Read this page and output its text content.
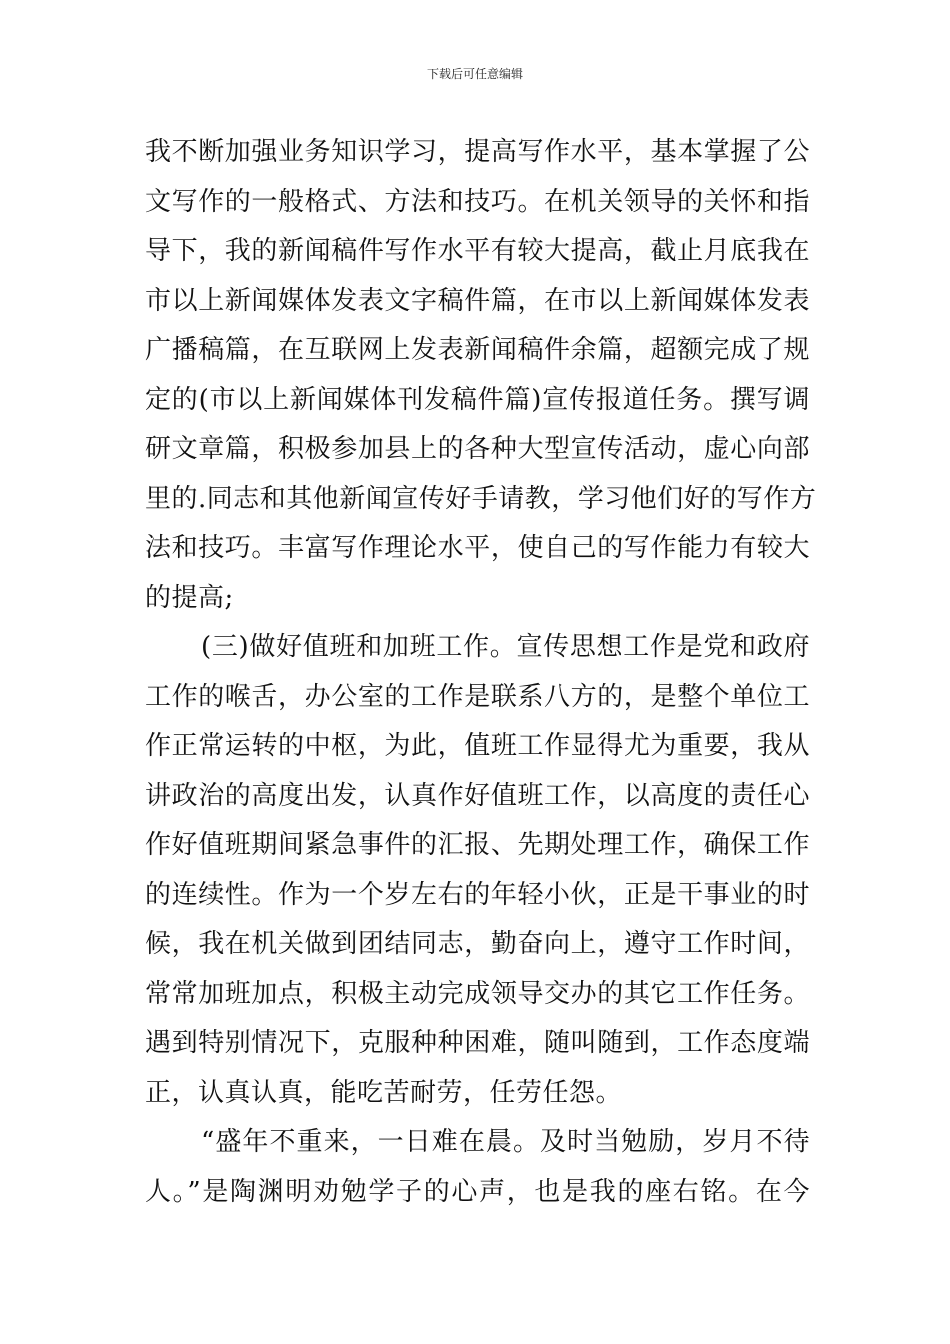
下载后可任意编辑
我不断加强业务知识学习，提高写作水平，基本掌握了公
文写作的一般格式、方法和技巧。在机关领导的关怀和指
导下，我的新闻稿件写作水平有较大提高，截止月底我在
市以上新闻媒体发表文字稿件篇，在市以上新闻媒体发表
广播稿篇，在互联网上发表新闻稿件余篇，超额完成了规
定的(市以上新闻媒体刊发稿件篇)宣传报道任务。撰写调
研文章篇，积极参加县上的各种大型宣传活动，虚心向部
里的.同志和其他新闻宣传好手请教，学习他们好的写作方
法和技巧。丰富写作理论水平，使自己的写作能力有较大
的提高;
(三)做好值班和加班工作。宣传思想工作是党和政府
工作的喉舌，办公室的工作是联系八方的，是整个单位工
作正常运转的中枢，为此，值班工作显得尤为重要，我从
讲政治的高度出发，认真作好值班工作，以高度的责任心
作好值班期间紧急事件的汇报、先期处理工作，确保工作
的连续性。作为一个岁左右的年轻小伙，正是干事业的时
候，我在机关做到团结同志，勤奋向上，遵守工作时间，
常常加班加点，积极主动完成领导交办的其它工作任务。
遇到特别情况下，克服种种困难，随叫随到，工作态度端
正，认真认真，能吃苦耐劳，任劳任怨。
“盛年不重来，一日难在晨。及时当勉励，岁月不待
人。”是陶渊明劝勉学子的心声，也是我的座右铭。在今
